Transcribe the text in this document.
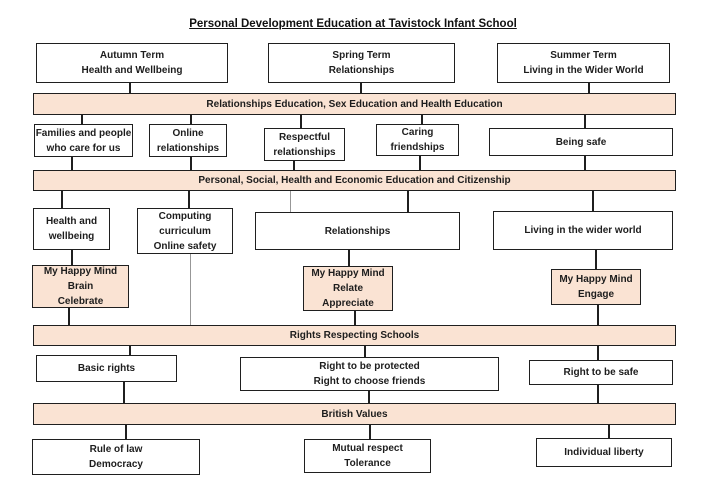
Personal Development Education at Tavistock Infant School
Autumn Term
Health and Wellbeing
Spring Term
Relationships
Summer Term
Living in the Wider World
Relationships Education, Sex Education and Health Education
Families and people
who care for us
Online
relationships
Respectful
relationships
Caring
friendships	Being safe
Personal, Social, Health and Economic Education and Citizenship
Health and
wellbeing
Computing
curriculum
Online safety
Relationships	Living in the wider world
My Happy Mind
Brain
Celebrate
My Happy Mind
Relate
Appreciate
My Happy Mind
Engage
Rights Respecting Schools
Basic rights	Right to be protected
Right to choose friends
Right to be safe
British Values
Rule of law
Democracy
Mutual respect
Tolerance
Individual liberty
